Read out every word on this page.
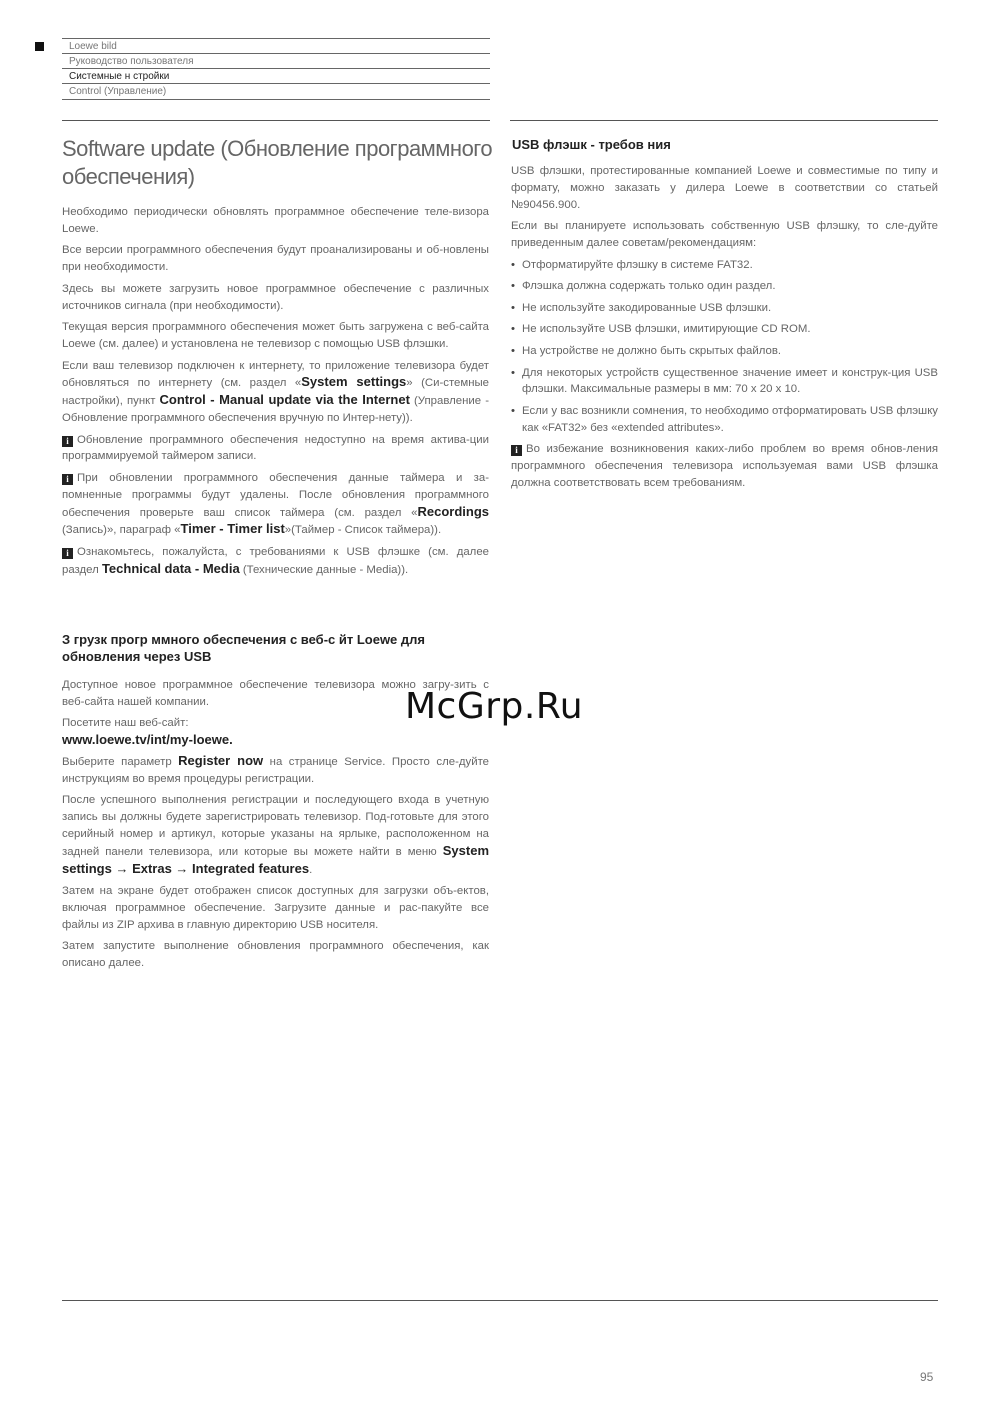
Loewe bild
Руководство пользователя
Системные н стройки
Control (Управление)
Software update (Обновление программного обеспечения)

Необходимо периодически обновлять программное обеспечение теле-визора Loewe.

Все версии программного обеспечения будут проанализированы и об-новлены при необходимости.

Здесь вы можете загрузить новое программное обеспечение с различных источников сигнала (при необходимости).

Текущая версия программного обеспечения может быть загружена с веб-сайта Loewe (см. далее) и установлена не телевизор с помощью USB флэшки.

Если ваш телевизор подключен к интернету, то приложение телевизора будет обновляться по интернету (см. раздел «System settings» (Си-стемные настройки), пункт Control - Manual update via the Internet (Управление - Обновление программного обеспечения вручную по Интер-нету)).

i Обновление программного обеспечения недоступно на время актива-ции программируемой таймером записи.

i При обновлении программного обеспечения данные таймера и за-помненные программы будут удалены. После обновления программного обеспечения проверьте ваш список таймера (см. раздел «Recordings (Запись)», параграф «Timer - Timer list»(Таймер - Список таймера)).

i Ознакомьтесь, пожалуйста, с требованиями к USB флэшке (см. далее раздел Technical data - Media (Технические данные - Media)).

З грузк прогр ммного обеспечения с веб-с йт Loewe для обновления через USB

Доступное новое программное обеспечение телевизора можно загру-зить с веб-сайта нашей компании.

Посетите наш веб-сайт:

www.loewe.tv/int/my-loewe.

Выберите параметр Register now на странице Service. Просто сле-дуйте инструкциям во время процедуры регистрации.

После успешного выполнения регистрации и последующего входа в учетную запись вы должны будете зарегистрировать телевизор. Под-готовьте для этого серийный номер и артикул, которые указаны на ярлыке, расположенном на задней панели телевизора, или которые вы можете найти в меню System settings → Extras → Integrated features.

Затем на экране будет отображен список доступных для загрузки объ-ектов, включая программное обеспечение. Загрузите данные и рас-пакуйте все файлы из ZIP архива в главную директорию USB носителя.

Затем запустите выполнение обновления программного обеспечения, как описано далее.

USB флэшк - требов ния

USB флэшки, протестированные компанией Loewe и совместимые по типу и формату, можно заказать у дилера Loewe в соответствии со статьей №90456.900.

Если вы планируете использовать собственную USB флэшку, то сле-дуйте приведенным далее советам/рекомендациям:

• Отформатируйте флэшку в системе FAT32.
• Флэшка должна содержать только один раздел.
• Не используйте закодированные USB флэшки.
• Не используйте USB флэшки, имитирующие CD ROM.
• На устройстве не должно быть скрытых файлов.
• Для некоторых устройств существенное значение имеет и конструк-ция USB флэшки. Максимальные размеры в мм: 70 x 20 x 10.
• Если у вас возникли сомнения, то необходимо отформатировать USB флэшку как «FAT32» без «extended attributes».

i Во избежание возникновения каких-либо проблем во время обнов-ления программного обеспечения телевизора используемая вами USB флэшка должна соответствовать всем требованиям.

McGrp.Ru
95
